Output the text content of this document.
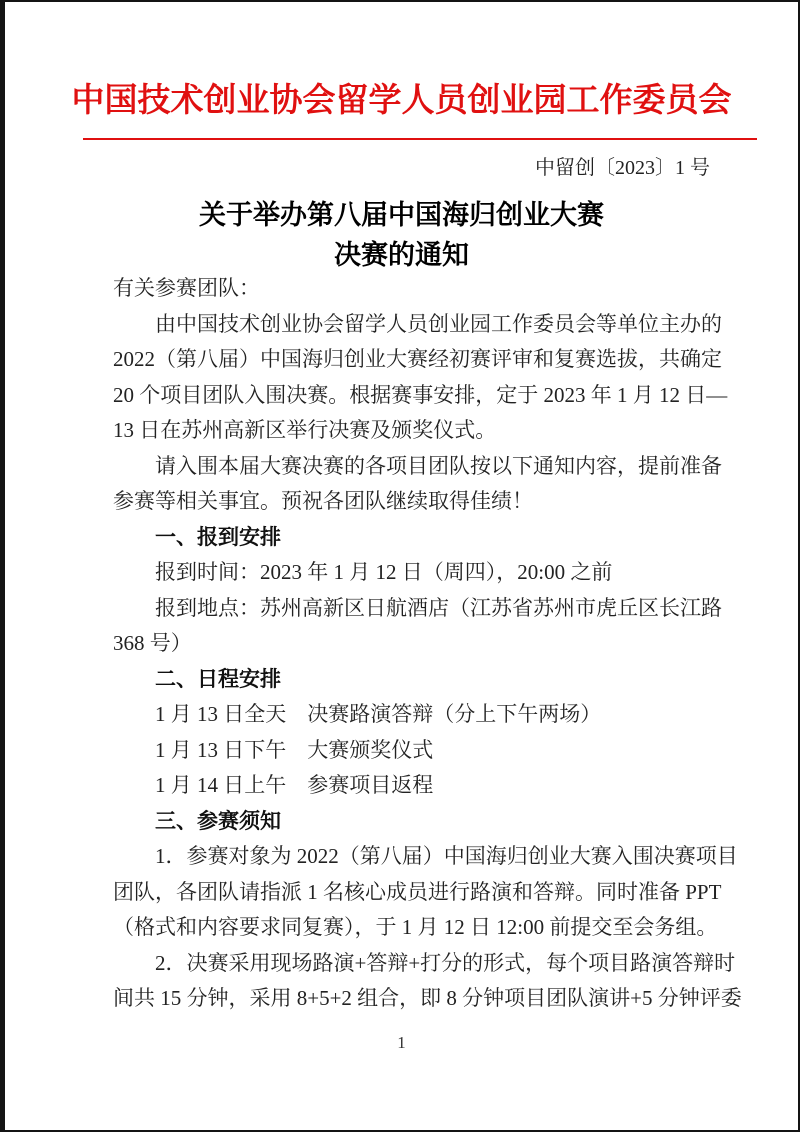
中国技术创业协会留学人员创业园工作委员会
中留创〔2023〕1 号
关于举办第八届中国海归创业大赛
决赛的通知
有关参赛团队：
由中国技术创业协会留学人员创业园工作委员会等单位主办的
2022（第八届）中国海归创业大赛经初赛评审和复赛选拔，共确定
20 个项目团队入围决赛。根据赛事安排，定于 2023 年 1 月 12 日—
13 日在苏州高新区举行决赛及颁奖仪式。
请入围本届大赛决赛的各项目团队按以下通知内容，提前准备
参赛等相关事宜。预祝各团队继续取得佳绩！
一、报到安排
报到时间：2023 年 1 月 12 日（周四），20:00 之前
报到地点：苏州高新区日航酒店（江苏省苏州市虎丘区长江路
368 号）
二、日程安排
1 月 13 日全天　决赛路演答辩（分上下午两场）
1 月 13 日下午　大赛颁奖仪式
1 月 14 日上午　参赛项目返程
三、参赛须知
1．参赛对象为 2022（第八届）中国海归创业大赛入围决赛项目
团队，各团队请指派 1 名核心成员进行路演和答辩。同时准备 PPT
（格式和内容要求同复赛），于 1 月 12 日 12:00 前提交至会务组。
2．决赛采用现场路演+答辩+打分的形式，每个项目路演答辩时
间共 15 分钟，采用 8+5+2 组合，即 8 分钟项目团队演讲+5 分钟评委
1
